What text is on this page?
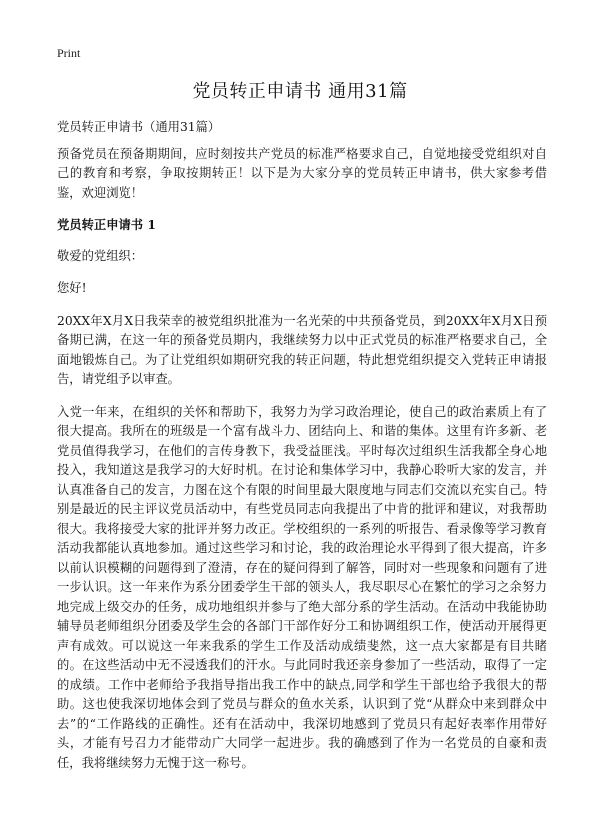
Print
党员转正申请书 通用31篇

党员转正申请书（通用31篇）

预备党员在预备期期间，应时刻按共产党员的标准严格要求自己，自觉地接受党组织对自己的教育和考察，争取按期转正！以下是为大家分享的党员转正申请书，供大家参考借鉴，欢迎浏览！

党员转正申请书 1

敬爱的党组织：

您好!

20XX年X月X日我荣幸的被党组织批准为一名光荣的中共预备党员，到20XX年X月X日预备期已满，在这一年的预备党员期内，我继续努力以中正式党员的标准严格要求自己，全面地锻炼自己。为了让党组织如期研究我的转正问题，特此想党组织提交入党转正申请报告，请党组予以审查。

入党一年来，在组织的关怀和帮助下，我努力为学习政治理论，使自己的政治素质上有了很大提高。我所在的班级是一个富有战斗力、团结向上、和谐的集体。这里有许多新、老党员值得我学习，在他们的言传身教下，我受益匪浅。平时每次过组织生活我都全身心地投入，我知道这是我学习的大好时机。在讨论和集体学习中，我静心聆听大家的发言，并认真准备自己的发言，力图在这个有限的时间里最大限度地与同志们交流以充实自己。特别是最近的民主评议党员活动中，有些党员同志向我提出了中肯的批评和建议，对我帮助很大。我将接受大家的批评并努力改正。学校组织的一系列的听报告、看录像等学习教育活动我都能认真地参加。通过这些学习和讨论，我的政治理论水平得到了很大提高，许多以前认识模糊的问题得到了澄清，存在的疑问得到了解答，同时对一些现象和问题有了进一步认识。这一年来作为系分团委学生干部的领头人，我尽职尽心在繁忙的学习之余努力地完成上级交办的任务，成功地组织并参与了绝大部分系的学生活动。在活动中我能协助辅导员老师组织分团委及学生会的各部门干部作好分工和协调组织工作，使活动开展得更声有成效。可以说这一年来我系的学生工作及活动成绩斐然，这一点大家都是有目共睹的。在这些活动中无不浸透我们的汗水。与此同时我还亲身参加了一些活动，取得了一定的成绩。工作中老师给予我指导指出我工作中的缺点,同学和学生干部也给予我很大的帮助。这也使我深切地体会到了党员与群众的鱼水关系，认识到了党“从群众中来到群众中去”的“工作路线的正确性。还有在活动中，我深切地感到了党员只有起好表率作用带好头，才能有号召力才能带动广大同学一起进步。我的确感到了作为一名党员的自豪和责任，我将继续努力无愧于这一称号。
